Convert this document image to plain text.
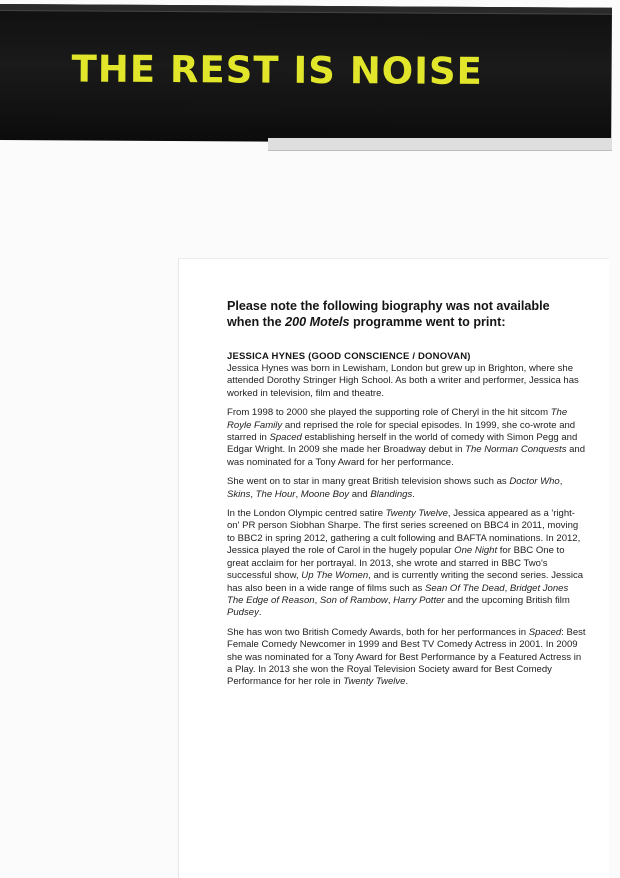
THE REST IS NOISE

Please note the following biography was not available
when the 200 Motels programme went to print:

JESSICA HYNES (GOOD CONSCIENCE / DONOVAN)

Jessica Hynes was born in Lewisham, London but grew up in Brighton, where she attended Dorothy Stringer High School. As both a writer and performer, Jessica has worked in television, film and theatre.

From 1998 to 2000 she played the supporting role of Cheryl in the hit sitcom The Royle Family and reprised the role for special episodes. In 1999, she co-wrote and starred in Spaced establishing herself in the world of comedy with Simon Pegg and Edgar Wright. In 2009 she made her Broadway debut in The Norman Conquests and was nominated for a Tony Award for her performance.

She went on to star in many great British television shows such as Doctor Who, Skins, The Hour, Moone Boy and Blandings.

In the London Olympic centred satire Twenty Twelve, Jessica appeared as a 'right-on' PR person Siobhan Sharpe. The first series screened on BBC4 in 2011, moving to BBC2 in spring 2012, gathering a cult following and BAFTA nominations. In 2012, Jessica played the role of Carol in the hugely popular One Night for BBC One to great acclaim for her portrayal. In 2013, she wrote and starred in BBC Two's successful show, Up The Women, and is currently writing the second series. Jessica has also been in a wide range of films such as Sean Of The Dead, Bridget Jones The Edge of Reason, Son of Rambow, Harry Potter and the upcoming British film Pudsey.

She has won two British Comedy Awards, both for her performances in Spaced: Best Female Comedy Newcomer in 1999 and Best TV Comedy Actress in 2001. In 2009 she was nominated for a Tony Award for Best Performance by a Featured Actress in a Play. In 2013 she won the Royal Television Society award for Best Comedy Performance for her role in Twenty Twelve.
